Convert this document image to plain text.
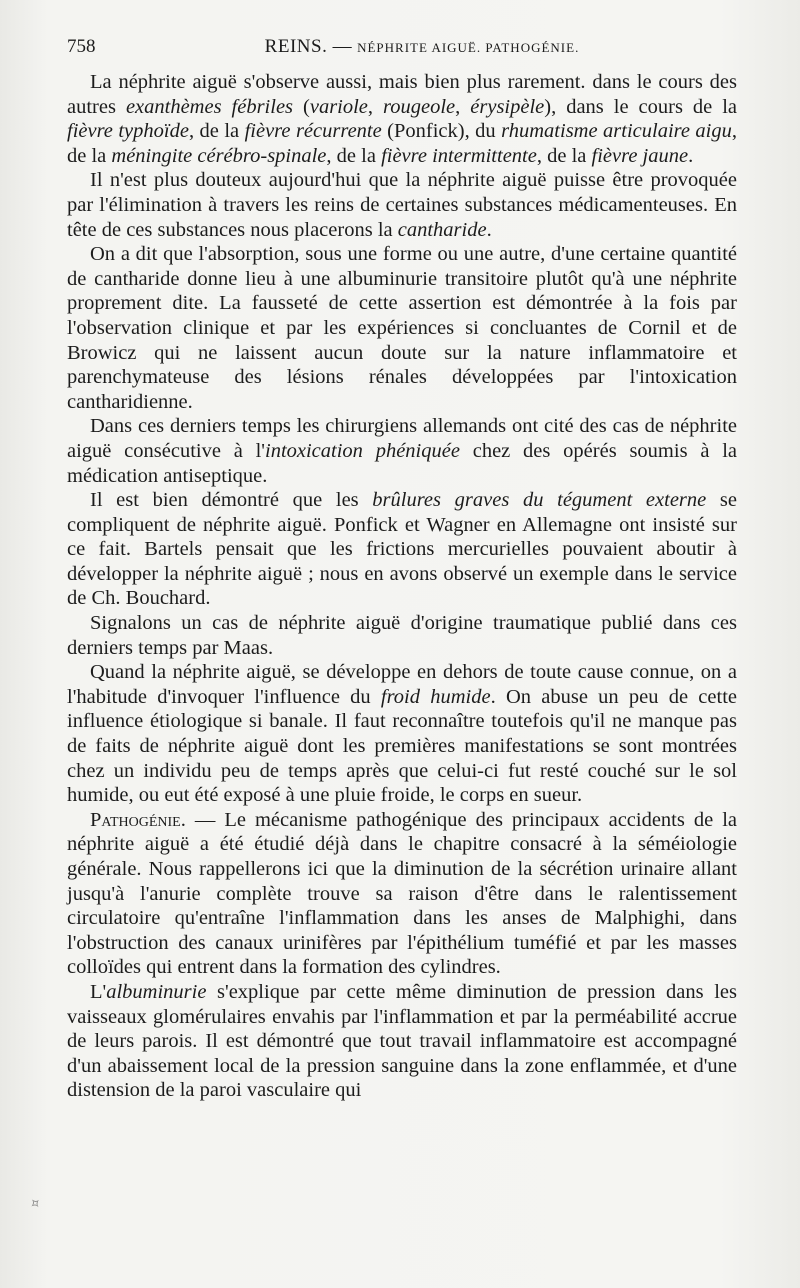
758	REINS. — NÉPHRITE AIGUË. PATHOGÉNIE.

La néphrite aiguë s'observe aussi, mais bien plus rarement. dans le cours des autres exanthèmes fébriles (variole, rougeole, érysipèle), dans le cours de la fièvre typhoïde, de la fièvre récurrente (Ponfick), du rhumatisme articulaire aigu, de la méningite cérébro-spinale, de la fièvre intermittente, de la fièvre jaune.

Il n'est plus douteux aujourd'hui que la néphrite aiguë puisse être provoquée par l'élimination à travers les reins de certaines substances médicamenteuses. En tête de ces substances nous placerons la cantharide.

On a dit que l'absorption, sous une forme ou une autre, d'une certaine quantité de cantharide donne lieu à une albuminurie transitoire plutôt qu'à une néphrite proprement dite. La fausseté de cette assertion est démontrée à la fois par l'observation clinique et par les expériences si concluantes de Cornil et de Browicz qui ne laissent aucun doute sur la nature inflammatoire et parenchymateuse des lésions rénales développées par l'intoxication cantharidienne.

Dans ces derniers temps les chirurgiens allemands ont cité des cas de néphrite aiguë consécutive à l'intoxication phéniquée chez des opérés soumis à la médication antiseptique.

Il est bien démontré que les brûlures graves du tégument externe se compliquent de néphrite aiguë. Ponfick et Wagner en Allemagne ont insisté sur ce fait. Bartels pensait que les frictions mercurielles pouvaient aboutir à développer la néphrite aiguë ; nous en avons observé un exemple dans le service de Ch. Bouchard.

Signalons un cas de néphrite aiguë d'origine traumatique publié dans ces derniers temps par Maas.

Quand la néphrite aiguë, se développe en dehors de toute cause connue, on a l'habitude d'invoquer l'influence du froid humide. On abuse un peu de cette influence étiologique si banale. Il faut reconnaître toutefois qu'il ne manque pas de faits de néphrite aiguë dont les premières manifestations se sont montrées chez un individu peu de temps après que celui-ci fut resté couché sur le sol humide, ou eut été exposé à une pluie froide, le corps en sueur.

Pathogénie. — Le mécanisme pathogénique des principaux accidents de la néphrite aiguë a été étudié déjà dans le chapitre consacré à la séméiologie générale. Nous rappellerons ici que la diminution de la sécrétion urinaire allant jusqu'à l'anurie complète trouve sa raison d'être dans le ralentissement circulatoire qu'entraîne l'inflammation dans les anses de Malphighi, dans l'obstruction des canaux urinifères par l'épithélium tuméfié et par les masses colloïdes qui entrent dans la formation des cylindres.

L'albuminurie s'explique par cette même diminution de pression dans les vaisseaux glomérulaires envahis par l'inflammation et par la perméabilité accrue de leurs parois. Il est démontré que tout travail inflammatoire est accompagné d'un abaissement local de la pression sanguine dans la zone enflammée, et d'une distension de la paroi vasculaire qui

✧
